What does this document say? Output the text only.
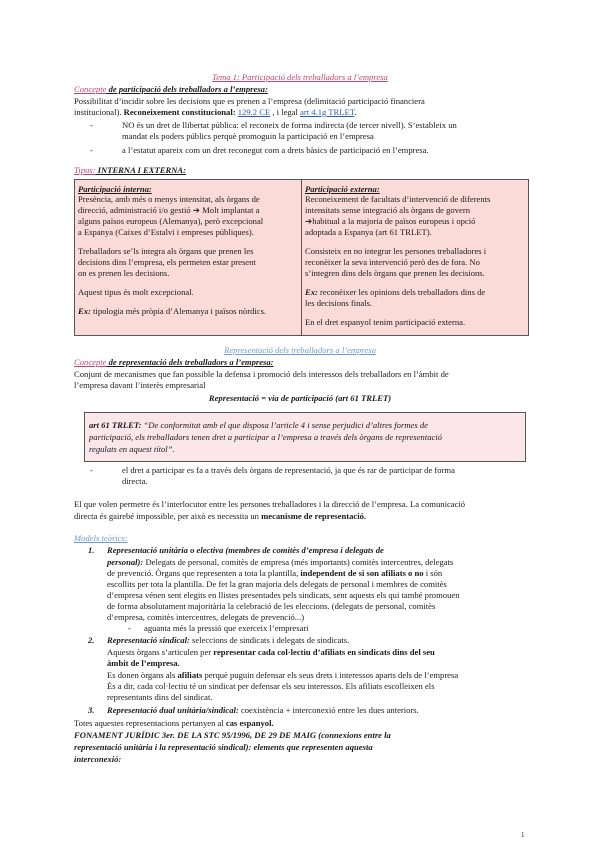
Tema 1: Participació dels treballadors a l’empresa
Concepte de participació dels treballadors a l’empresa:
Possibilitat d’incidir sobre les decisions que es prenen a l’empresa (delimitació participació financiera
institucional). Reconeixement constitucional: 129.2 CE , i legal art 4.1g TRLET.
-	NO és un dret de llibertat pública: el reconeix de forma indirecta (de tercer nivell). S’estableix un
mandat els poders públics perquè promoguin la participació en l’empresa
-	a l’estatut apareix com un dret reconegut com a drets bàsics de participació en l’empresa.
Tipus: INTERNA I EXTERNA:
Participació interna:
Presència, amb més o menys intensitat, als òrgans de
direcció, administració i/o gestió ➔ Molt implantat a
alguns països europeus (Alemanya), però excepcional
a Espanya (Caixes d’Estalvi i empreses públiques).
Treballadors se’ls integra als òrgans que prenen les
decisions dins l’empresa, els permeten estar present
on es prenen les decisions.
Aquest tipus és molt excepcional.
Ex: tipologia més pròpia d’Alemanya i països nòrdics.
Participació externa:
Reconeixement de facultats d’intervenció de diferents
intensitats sense integració als òrgans de govern
➔habitual a la majoria de països europeus i opció
adoptada a Espanya (art 61 TRLET).
Consisteix en no integrar les persones treballadores i
reconèixer la seva intervenció però des de fora. No
s’integren dins dels òrgans que prenen les decisions.
Ex: reconèixer les opinions dels treballadors dins de
les decisions finals.
En el dret espanyol tenim participació externa.
Representació dels treballadors a l’empresa
Concepte de representació dels treballadors a l’empresa:
Conjunt de mecanismes que fan possible la defensa i promoció dels interessos dels treballadors en l’àmbit de
l’empresa davant l’interès empresarial
Representació = via de participació (art 61 TRLET)
art 61 TRLET: “De conformitat amb el que disposa l’article 4 i sense perjudici d’altres formes de
participació, els treballadors tenen dret a participar a l’empresa a través dels òrgans de representació
regulats en aquest títol”.
-	el dret a participar es fa a través dels òrgans de representació, ja que és rar de participar de forma
directa.
El que volen permetre és l’interlocutor entre les persones treballadores i la direcció de l’empresa. La comunicació
directa és gairebé impossible, per això es necessita un mecanisme de representació.
Models teòrics:
1. Representació unitària o electiva (membres de comitès d’empresa i delegats de
personal): Delegats de personal, comitès de empresa (més importants) comitès intercentres, delegats
de prevenció. Òrgans que representen a tota la plantilla, independent de si son afiliats o no i són
escollits per tota la plantilla. De fet la gran majoria dels delegats de personal i membres de comitès
d’empresa vénen sent elegits en llistes presentades pels sindicats, sent aquests els qui també promouen
de forma absolutament majoritària la celebració de les eleccions. (delegats de personal, comitès
d’empresa, comitès intercentres, delegats de prevenció...)
- aguanta més la pressió que exerceix l’empresari
2. Representació sindical: seleccions de sindicats i delegats de sindicats.
Aquests òrgans s’articulen per representar cada col·lectiu d’afiliats en sindicats dins del seu
àmbit de l’empresa.
Es donen òrgans als afiliats perquè puguin defensar els seus drets i interessos aparts dels de l’empresa
És a dir, cada col·lectiu té un sindicat per defensar els seu interessos. Els afiliats escolleixen els
representants dins del sindicat.
3. Representació dual unitària/sindical: coexistència + interconexió entre les dues anteriors.
Totes aquestes representacions pertanyen al cas espanyol.
FONAMENT JURÍDIC 3er. DE LA STC 95/1996, DE 29 DE MAIG (connexions entre la
representació unitària i la representació sindical): elements que representen aquesta
interconexió:
1
